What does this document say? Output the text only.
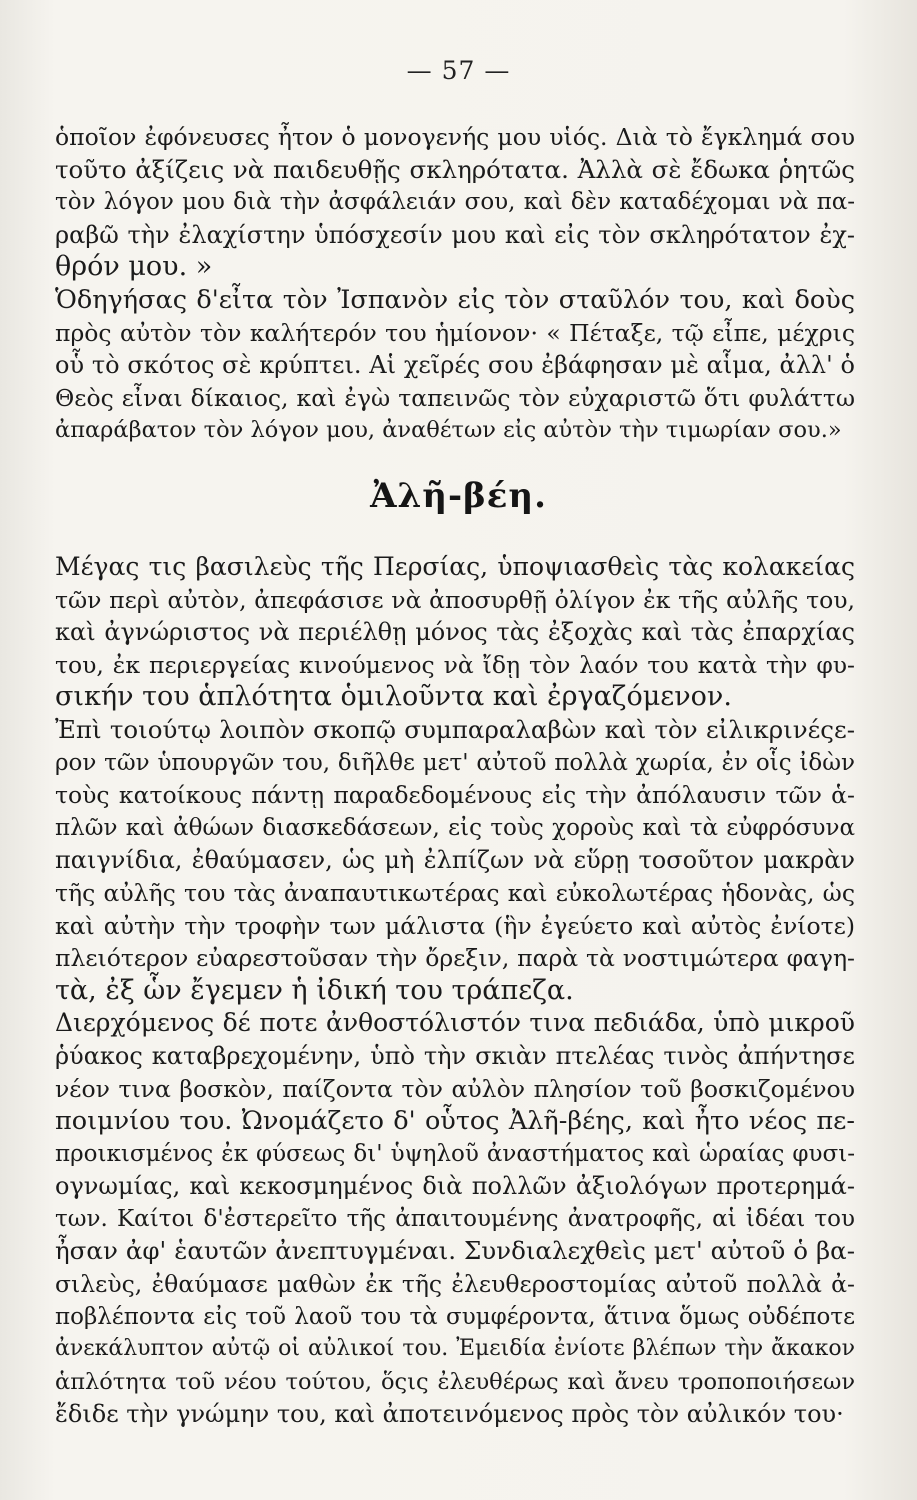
— 57 —
ὁποῖον ἐφόνευσες ἦτον ὁ μονογενής μου υἱός. Διὰ τὸ ἔγκλημά σου
τοῦτο ἀξίζεις νὰ παιδευθῇς σκληρότατα. Ἀλλὰ σὲ ἔδωκα ῥητῶς
τὸν λόγον μου διὰ τὴν ἀσφάλειάν σου, καὶ δὲν καταδέχομαι νὰ πα-
ραβῶ τὴν ἐλαχίστην ὑπόσχεσίν μου καὶ εἰς τὸν σκληρότατον ἐχ-
θρόν μου. »
Ὁδηγήσας δ'εἶτα τὸν Ἰσπανὸν εἰς τὸν σταῦλόν του, καὶ δοὺς
πρὸς αὐτὸν τὸν καλήτερόν του ἡμίονον· « Πέταξε, τῷ εἶπε, μέχρις
οὗ τὸ σκότος σὲ κρύπτει. Αἱ χεῖρές σου ἐβάφησαν μὲ αἷμα, ἀλλ' ὁ
Θεὸς εἶναι δίκαιος, καὶ ἐγὼ ταπεινῶς τὸν εὐχαριστῶ ὅτι φυλάττω
ἀπαράβατον τὸν λόγον μου, ἀναθέτων εἰς αὐτὸν τὴν τιμωρίαν σου.»
Ἀλῆ-βέη.
Μέγας τις βασιλεὺς τῆς Περσίας, ὑποψιασθεὶς τὰς κολακείας
τῶν περὶ αὐτὸν, ἀπεφάσισε νὰ ἀποσυρθῇ ὀλίγον ἐκ τῆς αὐλῆς του,
καὶ ἀγνώριστος νὰ περιέλθῃ μόνος τὰς ἐξοχὰς καὶ τὰς ἐπαρχίας
του, ἐκ περιεργείας κινούμενος νὰ ἴδῃ τὸν λαόν του κατὰ τὴν φυ-
σικήν του ἁπλότητα ὁμιλοῦντα καὶ ἐργαζόμενον.
Ἐπὶ τοιούτῳ λοιπὸν σκοπῷ συμπαραλαβὼν καὶ τὸν εἰλικρινέςε-
ρον τῶν ὑπουργῶν του, διῆλθε μετ' αὐτοῦ πολλὰ χωρία, ἐν οἷς ἰδὼν
τοὺς κατοίκους πάντῃ παραδεδομένους εἰς τὴν ἀπόλαυσιν τῶν ἁ-
πλῶν καὶ ἀθώων διασκεδάσεων, εἰς τοὺς χοροὺς καὶ τὰ εὐφρόσυνα
παιγνίδια, ἐθαύμασεν, ὡς μὴ ἐλπίζων νὰ εὕρῃ τοσοῦτον μακρὰν
τῆς αὐλῆς του τὰς ἀναπαυτικωτέρας καὶ εὐκολωτέρας ἡδονὰς, ὡς
καὶ αὐτὴν τὴν τροφὴν των μάλιστα (ἣν ἐγεύετο καὶ αὐτὸς ἐνίοτε)
πλειότερον εὐαρεστοῦσαν τὴν ὄρεξιν, παρὰ τὰ νοστιμώτερα φαγη-
τὰ, ἐξ ὧν ἔγεμεν ἡ ἰδική του τράπεζα.
Διερχόμενος δέ ποτε ἀνθοστόλιστόν τινα πεδιάδα, ὑπὸ μικροῦ
ῥύακος καταβρεχομένην, ὑπὸ τὴν σκιὰν πτελέας τινὸς ἀπήντησε
νέον τινα βοσκὸν, παίζοντα τὸν αὐλὸν πλησίον τοῦ βοσκιζομένου
ποιμνίου του. Ὠνομάζετο δ' οὗτος Ἀλῆ-βέης, καὶ ἦτο νέος πε-
προικισμένος ἐκ φύσεως δι' ὑψηλοῦ ἀναστήματος καὶ ὡραίας φυσι-
ογνωμίας, καὶ κεκοσμημένος διὰ πολλῶν ἀξιολόγων προτερημά-
των. Καίτοι δ'ἐστερεῖτο τῆς ἀπαιτουμένης ἀνατροφῆς, αἱ ἰδέαι του
ἦσαν ἀφ' ἑαυτῶν ἀνεπτυγμέναι. Συνδιαλεχθεὶς μετ' αὐτοῦ ὁ βα-
σιλεὺς, ἐθαύμασε μαθὼν ἐκ τῆς ἐλευθεροστομίας αὐτοῦ πολλὰ ἀ-
ποβλέποντα εἰς τοῦ λαοῦ του τὰ συμφέροντα, ἅτινα ὅμως οὐδέποτε
ἀνεκάλυπτον αὐτῷ οἱ αὐλικοί του. Ἐμειδία ἐνίοτε βλέπων τὴν ἄκακον
ἁπλότητα τοῦ νέου τούτου, ὅςις ἐλευθέρως καὶ ἄνευ τροποποιήσεων
ἔδιδε τὴν γνώμην του, καὶ ἀποτεινόμενος πρὸς τὸν αὐλικόν του·
